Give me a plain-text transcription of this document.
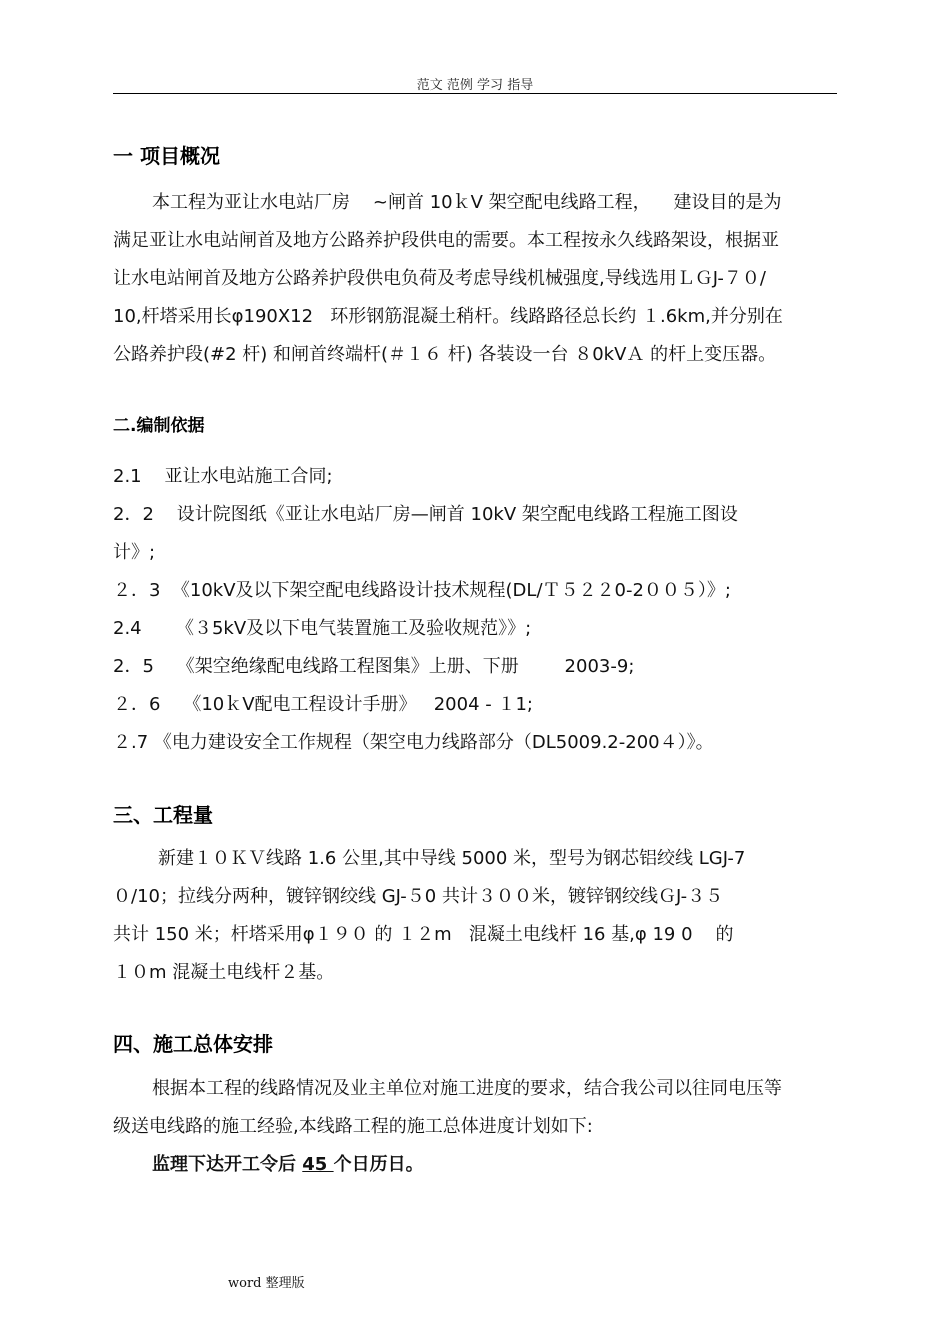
范文 范例 学习 指导
一 项目概况
本工程为亚让水电站厂房    ~闸首 10ｋV 架空配电线路工程，    建设目的是为
满足亚让水电站闸首及地方公路养护段供电的需要。本工程按永久线路架设，根据亚
让水电站闸首及地方公路养护段供电负荷及考虑导线机械强度,导线选用ＬＧJ-７０/
10,杆塔采用长φ190X12   环形钢筋混凝土稍杆。线路路径总长约 １.6km,并分别在
公路养护段(#2 杆) 和闸首终端杆(＃１６ 杆) 各装设一台 ８0kVＡ 的杆上变压器。
二.编制依据
2.1    亚让水电站施工合同;
2．2    设计院图纸《亚让水电站厂房—闸首 10kV 架空配电线路工程施工图设
计》;
２．3  《10kV及以下架空配电线路设计技术规程(DL/Ｔ５２２0-2００５）》;
2.4      《３5kV及以下电气装置施工及验收规范》》;
2．5    《架空绝缘配电线路工程图集》上册、下册        2003-9;
２．6    《10ｋV配电工程设计手册》   2004 - １1;
２.7 《电力建设安全工作规程（架空电力线路部分（DL5009.2-200４）》。
三、工程量
新建１０ＫＶ线路 1.6 公里,其中导线 5000 米，型号为钢芯铝绞线 LGJ-7
０/10；拉线分两种，镀锌钢绞线 GJ-５0 共计３００米，镀锌钢绞线ＧJ-３５
共计 150 米；杆塔采用φ１９０ 的 １２m   混凝土电线杆 16 基,φ 19 0    的
１０m 混凝土电线杆２基。
四、施工总体安排
根据本工程的线路情况及业主单位对施工进度的要求，结合我公司以往同电压等
级送电线路的施工经验,本线路工程的施工总体进度计划如下:
监理下达开工令后 45 个日历日。
word 整理版
